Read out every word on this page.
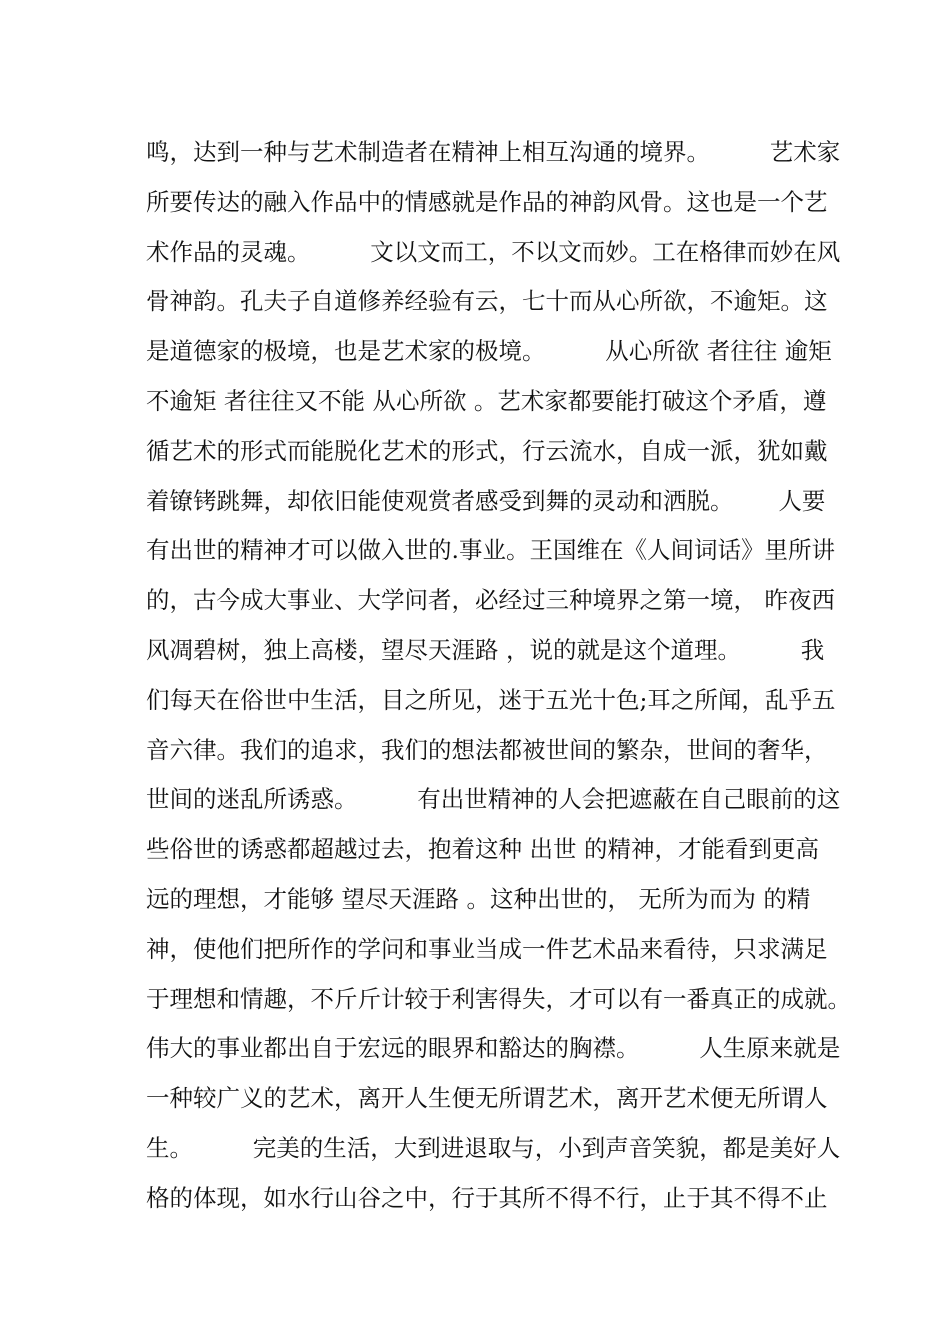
鸣，达到一种与艺术制造者在精神上相互沟通的境界。        艺术家
所要传达的融入作品中的情感就是作品的神韵风骨。这也是一个艺
术作品的灵魂。        文以文而工，不以文而妙。工在格律而妙在风
骨神韵。孔夫子自道修养经验有云，七十而从心所欲，不逾矩。这
是道德家的极境，也是艺术家的极境。        从心所欲 者往往 逾矩
不逾矩 者往往又不能 从心所欲 。艺术家都要能打破这个矛盾，遵
循艺术的形式而能脱化艺术的形式，行云流水，自成一派，犹如戴
着镣铐跳舞，却依旧能使观赏者感受到舞的灵动和洒脱。      人要
有出世的精神才可以做入世的.事业。王国维在《人间词话》里所讲
的，古今成大事业、大学问者，必经过三种境界之第一境， 昨夜西
风凋碧树，独上高楼，望尽天涯路 ，说的就是这个道理。        我
们每天在俗世中生活，目之所见，迷于五光十色;耳之所闻，乱乎五
音六律。我们的追求，我们的想法都被世间的繁杂，世间的奢华，
世间的迷乱所诱惑。        有出世精神的人会把遮蔽在自己眼前的这
些俗世的诱惑都超越过去，抱着这种 出世 的精神，才能看到更高
远的理想，才能够 望尽天涯路 。这种出世的， 无所为而为 的精
神，使他们把所作的学问和事业当成一件艺术品来看待，只求满足
于理想和情趣，不斤斤计较于利害得失，才可以有一番真正的成就。
伟大的事业都出自于宏远的眼界和豁达的胸襟。        人生原来就是
一种较广义的艺术，离开人生便无所谓艺术，离开艺术便无所谓人
生。        完美的生活，大到进退取与，小到声音笑貌，都是美好人
格的体现，如水行山谷之中，行于其所不得不行，止于其不得不止
